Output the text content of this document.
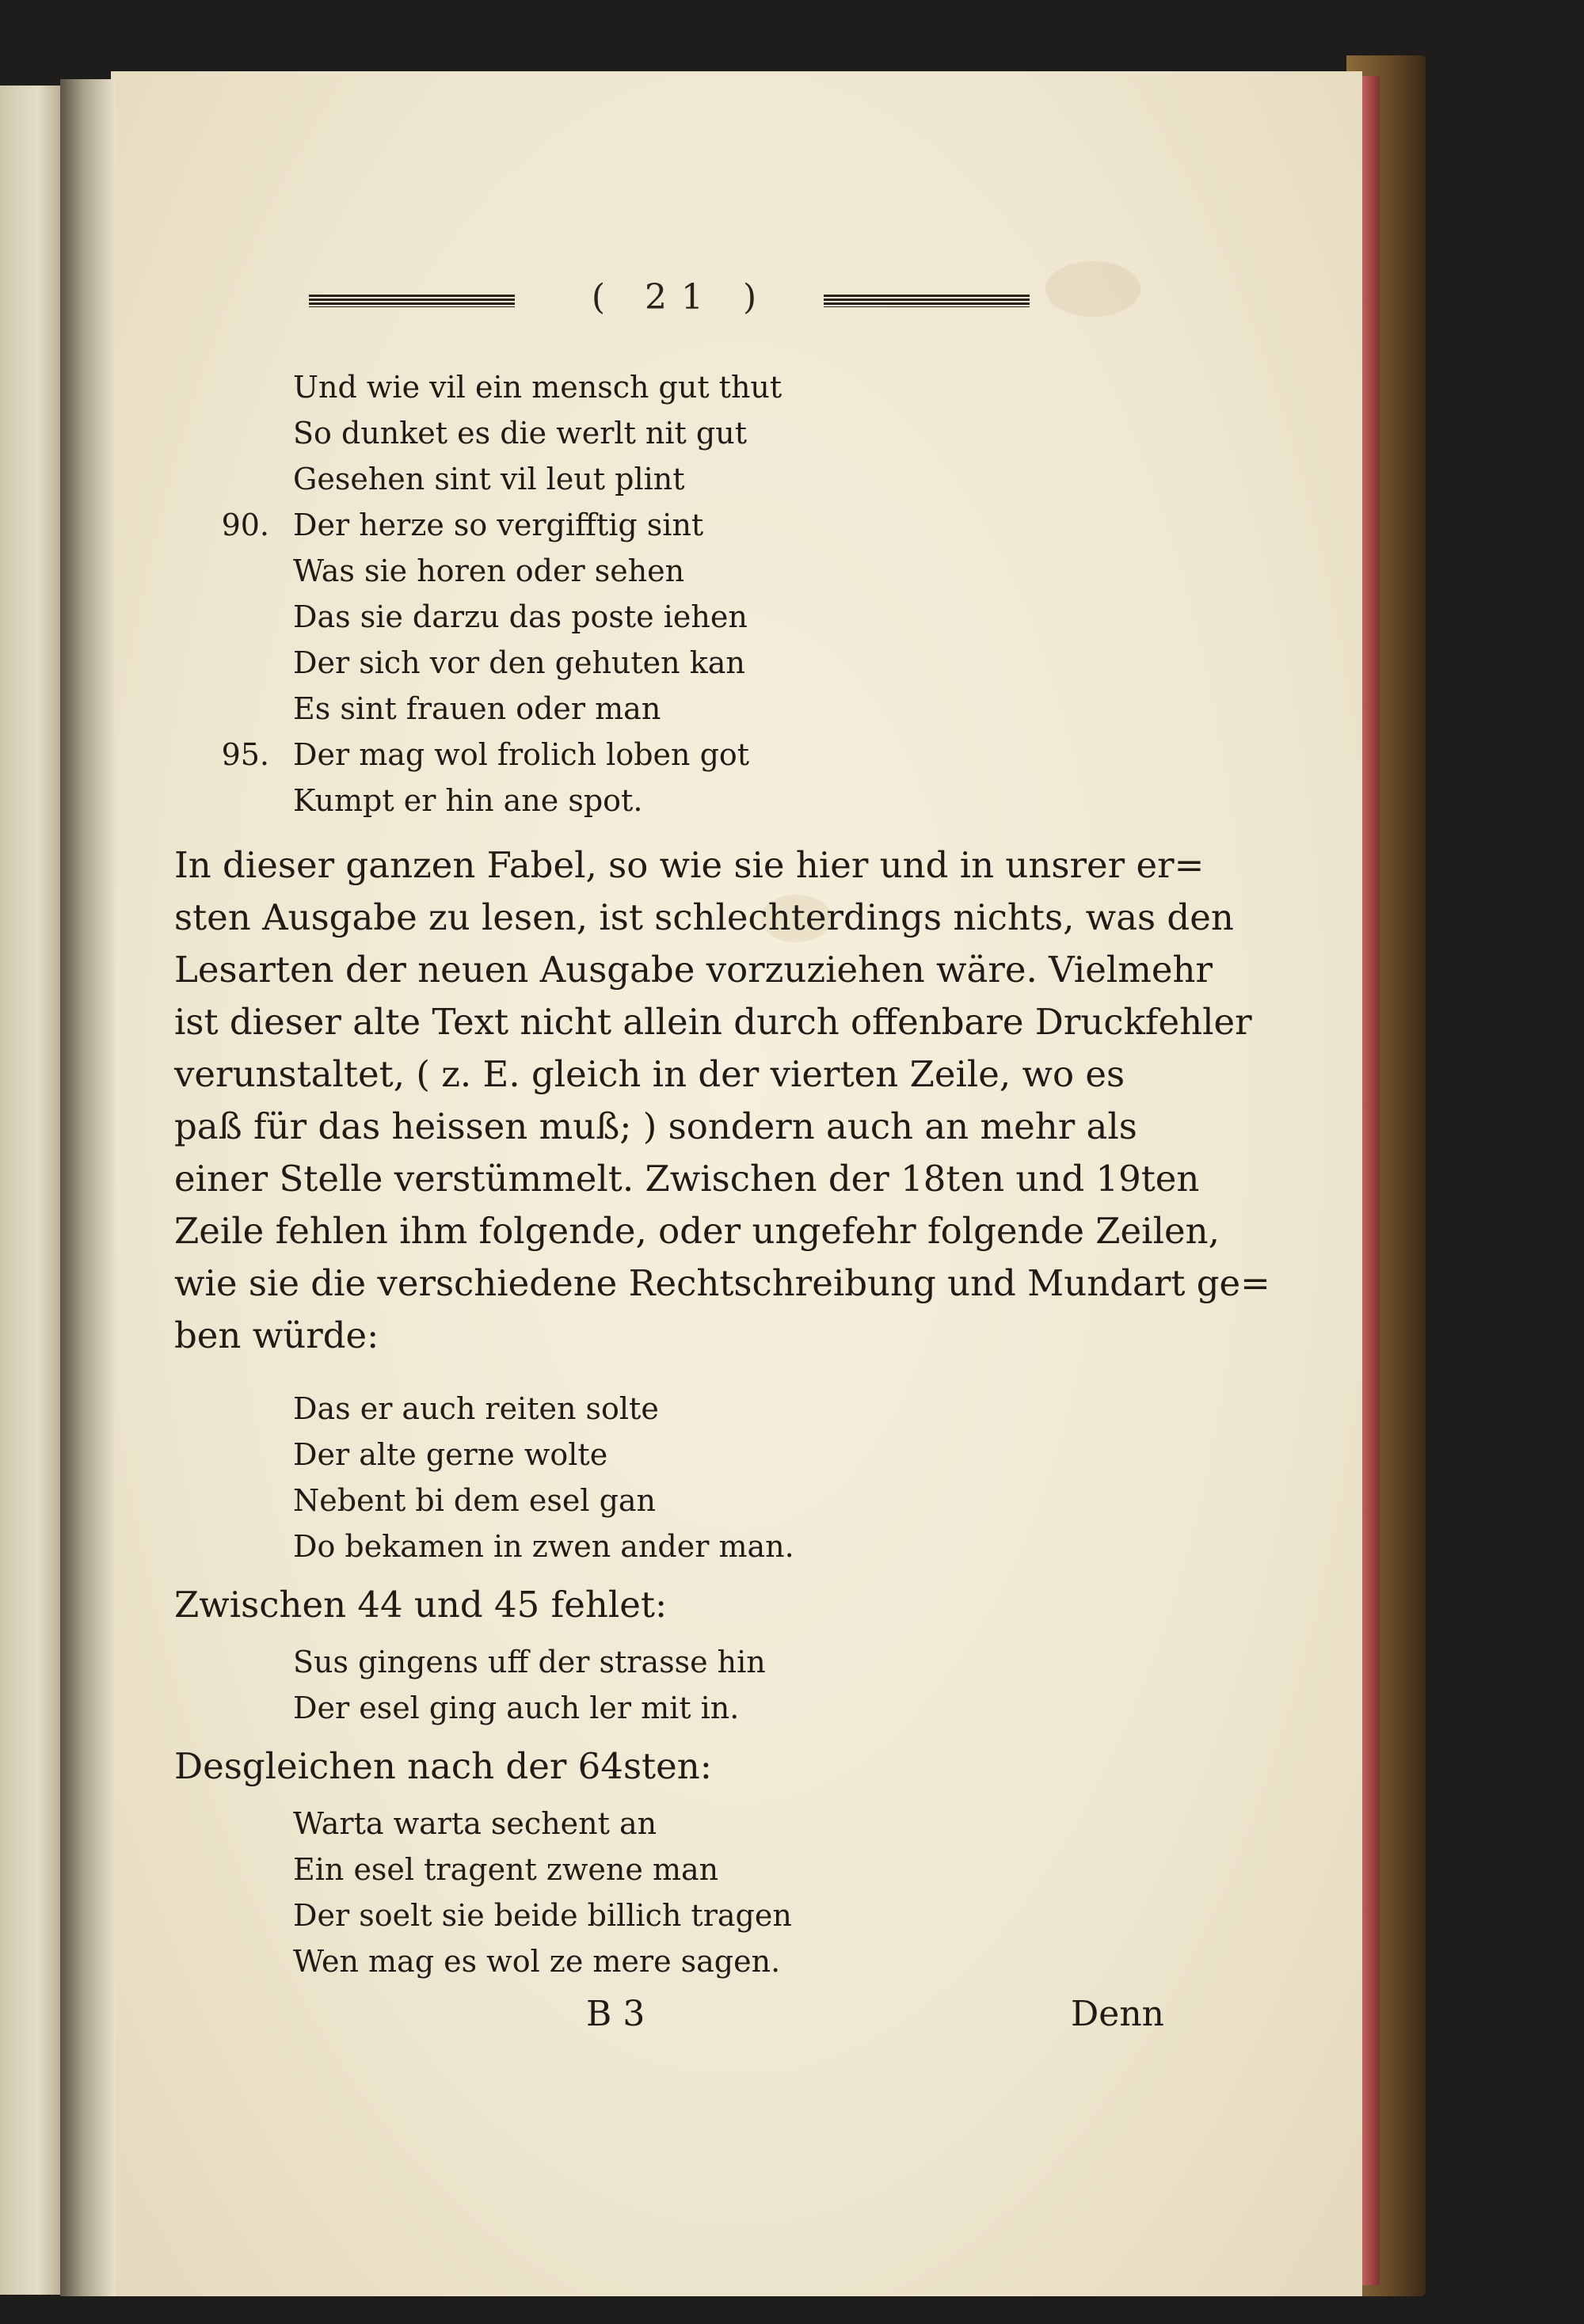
( 21 )
Und wie vil ein mensch gut thut
So dunket es die werlt nit gut
Gesehen sint vil leut plint
90. Der herze so vergifftig sint
Was sie horen oder sehen
Das sie darzu das poste iehen
Der sich vor den gehuten kan
Es sint frauen oder man
95. Der mag wol frolich loben got
Kumpt er hin ane spot.
In dieser ganzen Fabel, so wie sie hier und in unsrer er=
sten Ausgabe zu lesen, ist schlechterdings nichts, was den
Lesarten der neuen Ausgabe vorzuziehen wäre. Vielmehr
ist dieser alte Text nicht allein durch offenbare Druckfehler
verunstaltet, ( z. E. gleich in der vierten Zeile, wo es
paß für das heissen muß; ) sondern auch an mehr als
einer Stelle verstümmelt. Zwischen der 18ten und 19ten
Zeile fehlen ihm folgende, oder ungefehr folgende Zeilen,
wie sie die verschiedene Rechtschreibung und Mundart ge=
ben würde:
Das er auch reiten solte
Der alte gerne wolte
Nebent bi dem esel gan
Do bekamen in zwen ander man.
Zwischen 44 und 45 fehlet:
Sus gingens uff der strasse hin
Der esel ging auch ler mit in.
Desgleichen nach der 64sten:
Warta warta sechent an
Ein esel tragent zwene man
Der soelt sie beide billich tragen
Wen mag es wol ze mere sagen.
B 3	Denn
